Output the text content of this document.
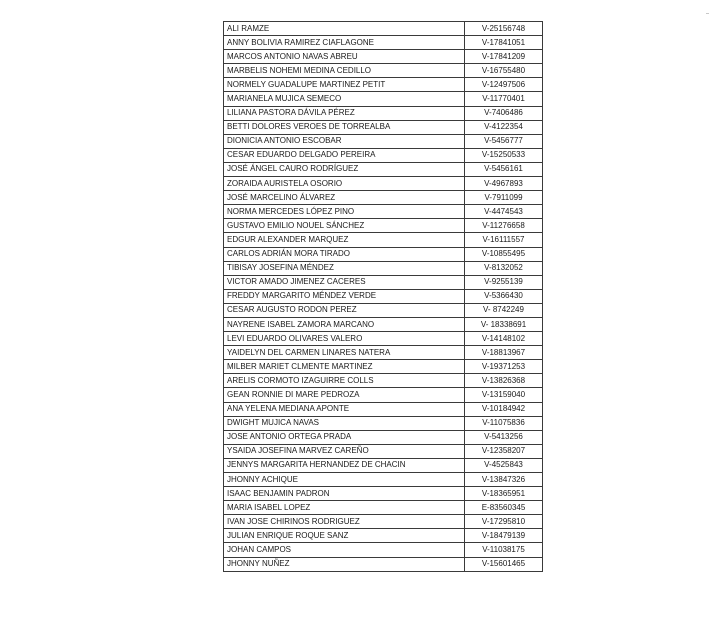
ALI RAMZE	V-25156748
ANNY BOLIVIA RAMIREZ CIAFLAGONE	V-17841051
MARCOS ANTONIO NAVAS ABREU	V-17841209
MARBELIS NOHEMI MEDINA CEDILLO	V-16755480
NORMELY GUADALUPE MARTINEZ PETIT	V-12497506
MARIANELA MUJICA SEMECO	V-11770401
LILIANA PASTORA DÁVILA PÉREZ	V-7406486
BETTI DOLORES VEROES DE TORREALBA	V-4122354
DIONICIA ANTONIO ESCOBAR	V-5456777
CESAR EDUARDO DELGADO PEREIRA	V-15250533
JOSÉ ÁNGEL CAURO RODRÍGUEZ	V-5456161
ZORAIDA AURISTELA OSORIO	V-4967893
JOSÉ MARCELINO ÁLVAREZ	V-7911099
NORMA MERCEDES LÓPEZ PINO	V-4474543
GUSTAVO EMILIO NOUEL SÁNCHEZ	V-11276658
EDGUR ALEXANDER MARQUEZ	V-16111557
CARLOS ADRIÁN MORA TIRADO	V-10855495
TIBISAY JOSEFINA MÉNDEZ	V-8132052
VICTOR AMADO JIMENEZ CACERES	V-9255139
FREDDY MARGARITO MÉNDEZ VERDE	V-5366430
CESAR AUGUSTO RODON PEREZ	V- 8742249
NAYRENE ISABEL ZAMORA MARCANO	V- 18338691
LEVI EDUARDO OLIVARES VALERO	V-14148102
YAIDELYN DEL CARMEN LINARES NATERA	V-18813967
MILBER MARIET CLMENTE MARTINEZ	V-19371253
ARELIS CORMOTO IZAGUIRRE COLLS	V-13826368
GEAN RONNIE DI MARE PEDROZA	V-13159040
ANA YELENA MEDIANA APONTE	V-10184942
DWIGHT MUJICA NAVAS	V-11075836
JOSE ANTONIO ORTEGA PRADA	V-5413256
YSAIDA JOSEFINA MARVEZ CAREÑO	V-12358207
JENNYS MARGARITA HERNANDEZ DE CHACIN	V-4525843
JHONNY ACHIQUE	V-13847326
ISAAC BENJAMIN PADRON	V-18365951
MARIA ISABEL LOPEZ	E-83560345
IVAN JOSE CHIRINOS RODRIGUEZ	V-17295810
JULIAN ENRIQUE ROQUE SANZ	V-18479139
JOHAN CAMPOS	V-11038175
JHONNY NUÑEZ	V-15601465
